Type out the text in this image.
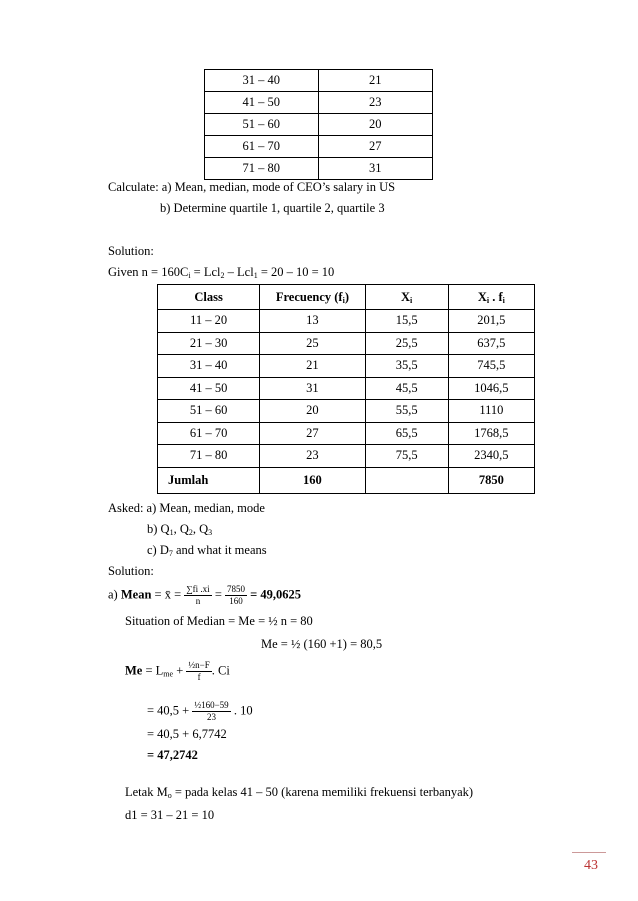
31 – 40	21
41 – 50	23
51 – 60	20
61 – 70	27
71 – 80	31
Calculate: a) Mean, median, mode of CEO’s salary in US
b) Determine quartile 1, quartile 2, quartile 3
Solution:
Given $n = 160C_i = Lcl_2 - Lcl_1 = 20 - 10 = 10$
Class	Frecuency $(f_i)$	$X_i$	$X_i$ . $f_i$
11 – 20	13	15,5	201,5
21 – 30	25	25,5	637,5
31 – 40	21	35,5	745,5
41 – 50	31	45,5	1046,5
51 – 60	20	55,5	1110
61 – 70	27	65,5	1768,5
71 – 80	23	75,5	2340,5
Jumlah	160		7850
Asked: a) Mean, median, mode
b) $Q_1$, $Q_2$, $Q_3$
c) $D_7$ and what it means
Solution:
a) Mean = x̄ = $\frac{\sum fi .xi}{n} = \frac{7850}{160} = 49,0625$
Situation of Median = Me = ½ n = 80
Me = ½ (160 +1) = 80,5
$Me = L_{me} + \frac{\text{½n−F}}{f}$ . Ci
= $40,5 + \frac{\text{½160−59}}{23}$ . 10
= 40,5 + 6,7742
= 47,2742
Letak $M_o$ = pada kelas 41 – 50 (karena memiliki frekuensi terbanyak)
d1 = 31 – 21 = 10
43
